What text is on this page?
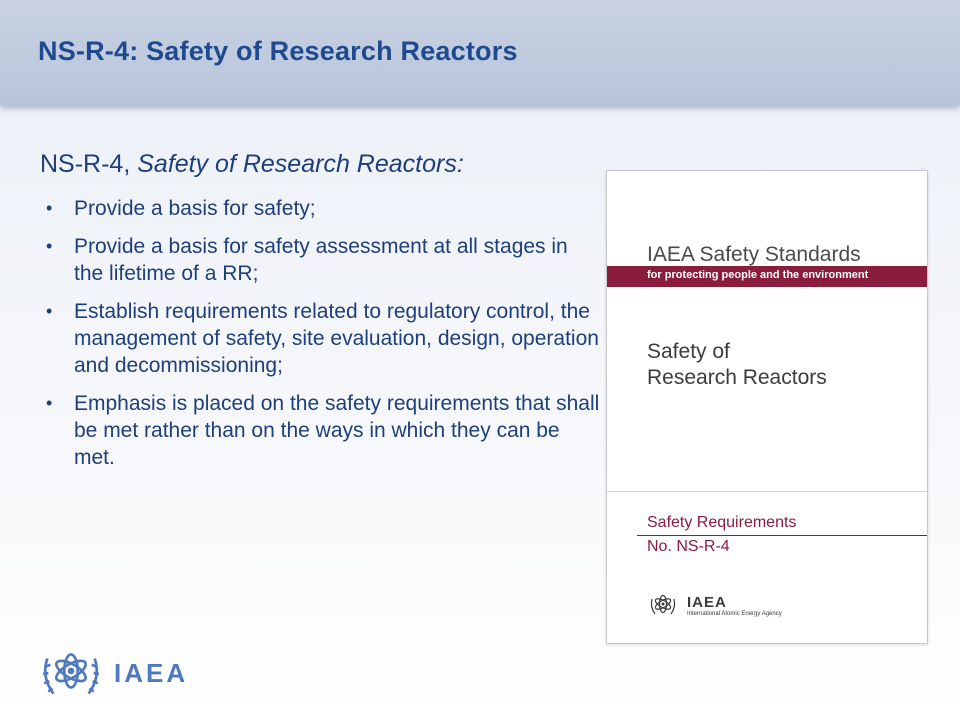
NS-R-4: Safety of Research Reactors

NS-R-4, Safety of Research Reactors:

• Provide a basis for safety;
• Provide a basis for safety assessment at all stages in the lifetime of a RR;
• Establish requirements related to regulatory control, the management of safety, site evaluation, design, operation and decommissioning;
• Emphasis is placed on the safety requirements that shall be met rather than on the ways in which they can be met.
IAEA Safety Standards
for protecting people and the environment
Safety of
Research Reactors
Safety Requirements
No. NS-R-4
IAEA
International Atomic Energy Agency
IAEA
